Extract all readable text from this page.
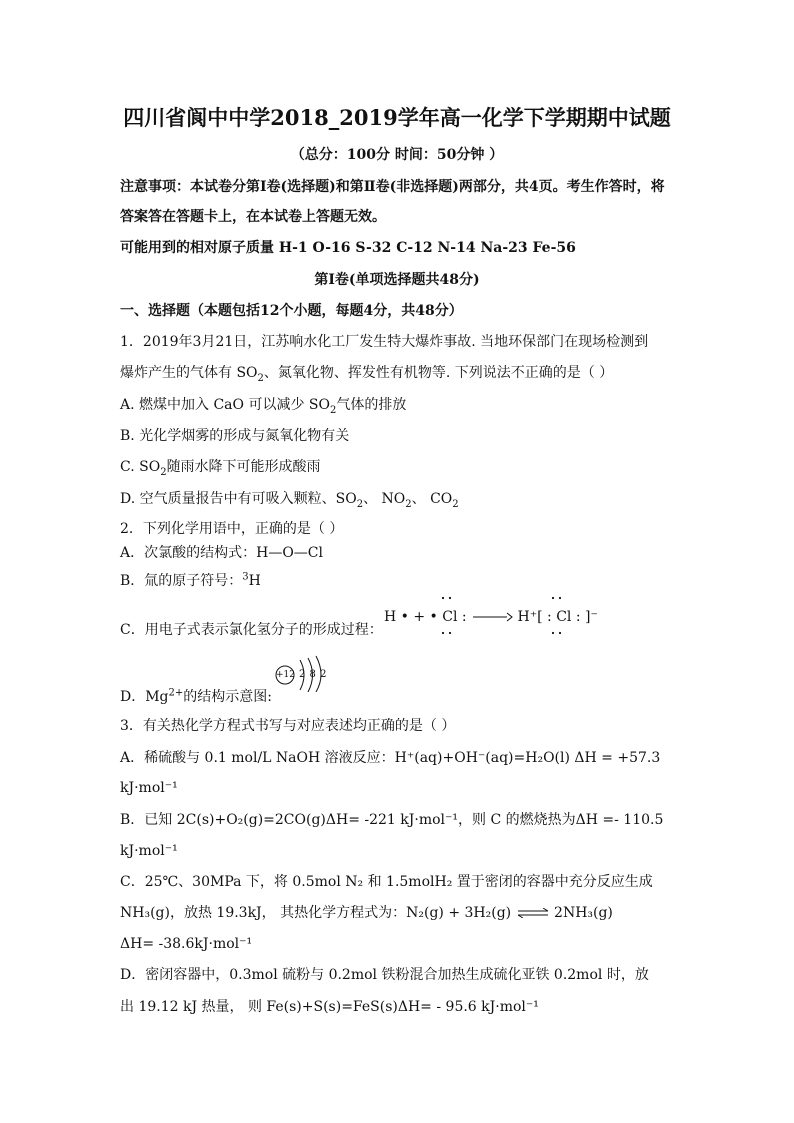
四川省阆中中学2018_2019学年高一化学下学期期中试题
（总分：100分 时间：50分钟 ）
注意事项：本试卷分第Ⅰ卷(选择题)和第Ⅱ卷(非选择题)两部分，共4页。考生作答时，将
答案答在答题卡上，在本试卷上答题无效。
可能用到的相对原子质量 H-1 O-16 S-32 C-12 N-14 Na-23 Fe-56
第Ⅰ卷(单项选择题共48分)
一、选择题（本题包括12个小题，每题4分，共48分）
1．2019年3月21日，江苏响水化工厂发生特大爆炸事故. 当地环保部门在现场检测到
爆炸产生的气体有 $SO_2$、氮氧化物、挥发性有机物等. 下列说法不正确的是（ ）
A. 燃煤中加入 CaO 可以减少 $SO_2$气体的排放
B. 光化学烟雾的形成与氮氧化物有关
C. $SO_2$随雨水降下可能形成酸雨
D. 空气质量报告中有可吸入颗粒、$SO_2$、 $NO_2$、 $CO_2$
2．下列化学用语中，正确的是（ ）
A．次氯酸的结构式：H—O—Cl
B．氚的原子符号：$^3$H
C．用电子式表示氯化氢分子的形成过程：
H • + • Cl :	H⁺[ : Cl : ]⁻
D．$Mg^{2+}$的结构示意图:
+12 2 8 2
3．有关热化学方程式书写与对应表述均正确的是（ ）
A．稀硫酸与 0.1 mol/L NaOH 溶液反应：H⁺(aq)+OH⁻(aq)=H₂O(l) ΔH = +57.3
kJ·mol⁻¹
B．已知 2C(s)+O₂(g)=2CO(g)ΔH= -221 kJ·mol⁻¹，则 C 的燃烧热为ΔH =- 110.5
kJ·mol⁻¹
C．25℃、30MPa 下，将 0.5mol N₂ 和 1.5molH₂ 置于密闭的容器中充分反应生成
NH₃(g)，放热 19.3kJ， 其热化学方程式为：N₂(g) + 3H₂(g) ⇌ 2NH₃(g)
ΔH= -38.6kJ·mol⁻¹
D．密闭容器中，0.3mol 硫粉与 0.2mol 铁粉混合加热生成硫化亚铁 0.2mol 时，放
出 19.12 kJ 热量， 则 Fe(s)+S(s)=FeS(s)ΔH= - 95.6 kJ·mol⁻¹
